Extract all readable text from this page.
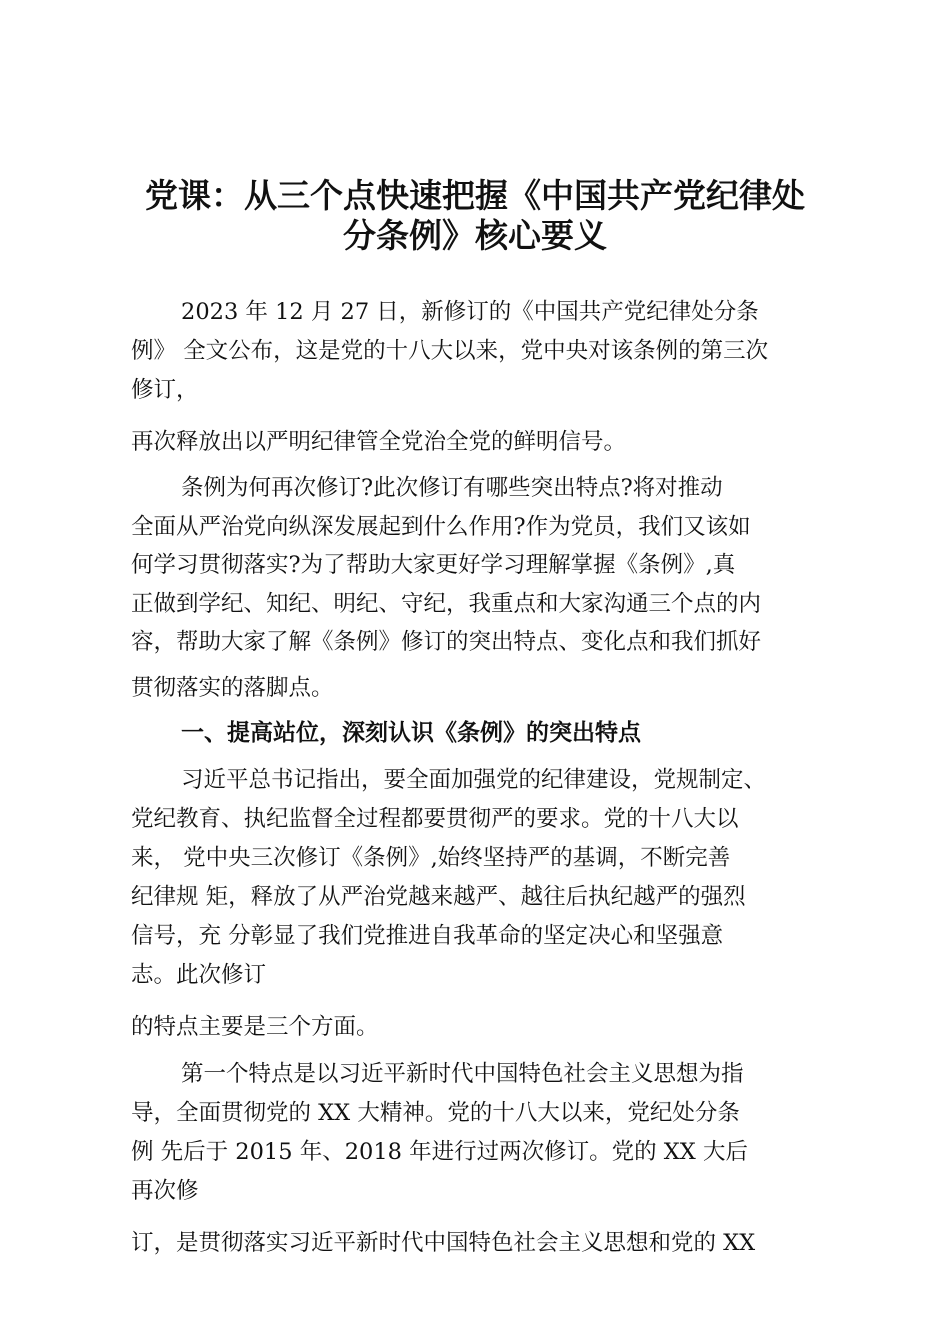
党课：从三个点快速把握《中国共产党纪律处
分条例》核心要义

2023 年 12 月 27 日，新修订的《中国共产党纪律处分条

例》 全文公布，这是党的十八大以来，党中央对该条例的第三次

修订，

再次释放出以严明纪律管全党治全党的鲜明信号。

条例为何再次修订?此次修订有哪些突出特点?将对推动

全面从严治党向纵深发展起到什么作用?作为党员，我们又该如

何学习贯彻落实?为了帮助大家更好学习理解掌握《条例》,真

正做到学纪、知纪、明纪、守纪，我重点和大家沟通三个点的内

容，帮助大家了解《条例》修订的突出特点、变化点和我们抓好

贯彻落实的落脚点。

一、提高站位，深刻认识《条例》的突出特点

习近平总书记指出，要全面加强党的纪律建设，党规制定、

党纪教育、执纪监督全过程都要贯彻严的要求。党的十八大以

来， 党中央三次修订《条例》,始终坚持严的基调，不断完善

纪律规 矩，释放了从严治党越来越严、越往后执纪越严的强烈

信号，充 分彰显了我们党推进自我革命的坚定决心和坚强意

志。此次修订

的特点主要是三个方面。

第一个特点是以习近平新时代中国特色社会主义思想为指

导，全面贯彻党的 XX 大精神。党的十八大以来，党纪处分条

例 先后于 2015 年、2018 年进行过两次修订。党的 XX 大后

再次修

订，是贯彻落实习近平新时代中国特色社会主义思想和党的 XX
